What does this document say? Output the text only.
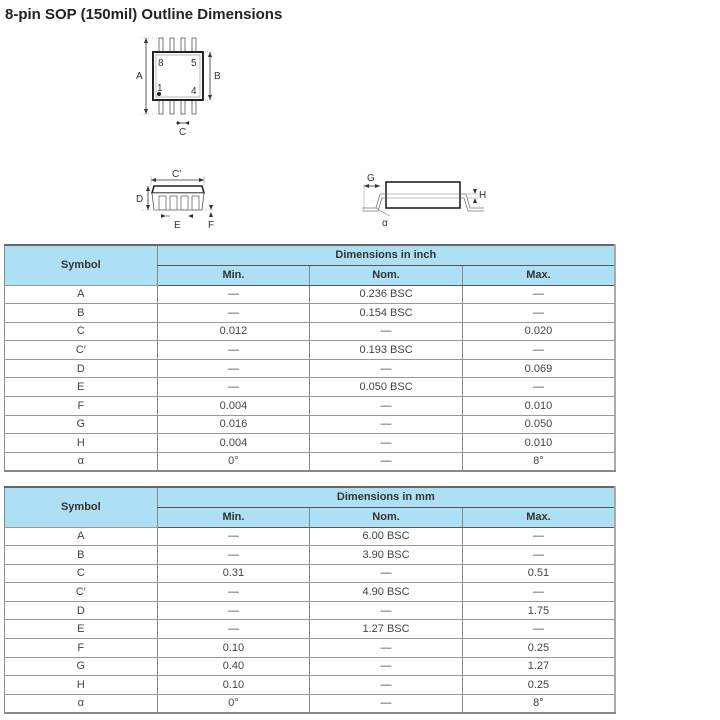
8-pin SOP (150mil) Outline Dimensions
8	5
1	4
A	B
C
C'
D
E	F
G
H
α
Symbol	Dimensions in inch		
	Min.	Nom.	Max.
A	—	0.236 BSC	—
B	—	0.154 BSC	—
C	0.012	—	0.020
C′	—	0.193 BSC	—
D	—	—	0.069
E	—	0.050 BSC	—
F	0.004	—	0.010
G	0.016	—	0.050
H	0.004	—	0.010
α	0°	—	8°
Symbol	Dimensions in mm		
	Min.	Nom.	Max.
A	—	6.00 BSC	—
B	—	3.90 BSC	—
C	0.31	—	0.51
C′	—	4.90 BSC	—
D	—	—	1.75
E	—	1.27 BSC	—
F	0.10	—	0.25
G	0.40	—	1.27
H	0.10	—	0.25
α	0°	—	8°
